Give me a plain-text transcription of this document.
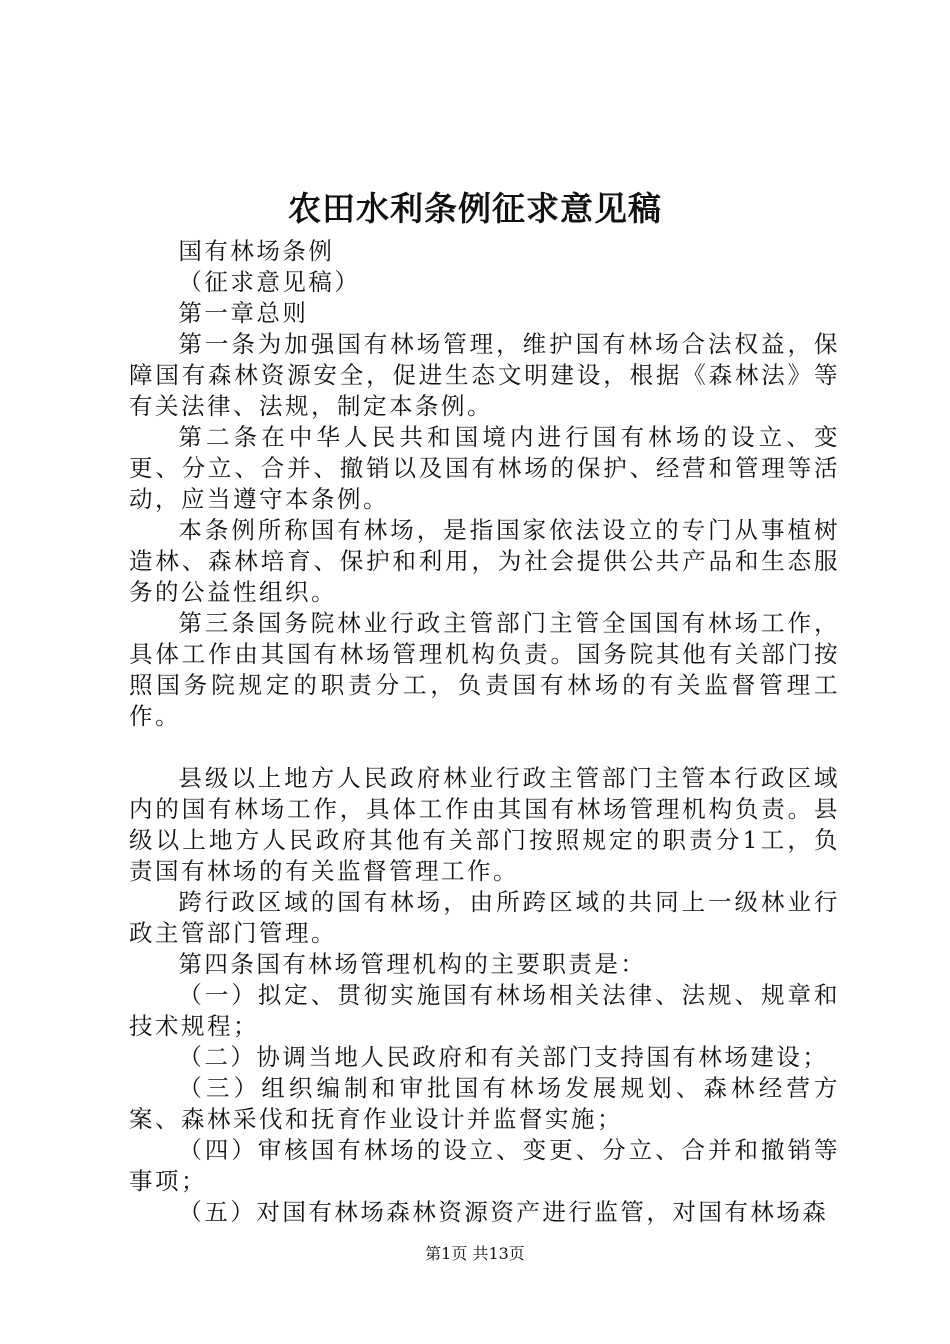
农田水利条例征求意见稿

国有林场条例

（征求意见稿）

第一章总则

第一条为加强国有林场管理，维护国有林场合法权益，保障国有森林资源安全，促进生态文明建设，根据《森林法》等有关法律、法规，制定本条例。

第二条在中华人民共和国境内进行国有林场的设立、变更、分立、合并、撤销以及国有林场的保护、经营和管理等活动，应当遵守本条例。

本条例所称国有林场，是指国家依法设立的专门从事植树造林、森林培育、保护和利用，为社会提供公共产品和生态服务的公益性组织。

第三条国务院林业行政主管部门主管全国国有林场工作，具体工作由其国有林场管理机构负责。国务院其他有关部门按照国务院规定的职责分工，负责国有林场的有关监督管理工作。

县级以上地方人民政府林业行政主管部门主管本行政区域内的国有林场工作，具体工作由其国有林场管理机构负责。县级以上地方人民政府其他有关部门按照规定的职责分1工，负责国有林场的有关监督管理工作。

跨行政区域的国有林场，由所跨区域的共同上一级林业行政主管部门管理。

第四条国有林场管理机构的主要职责是：

（一）拟定、贯彻实施国有林场相关法律、法规、规章和技术规程；

（二）协调当地人民政府和有关部门支持国有林场建设；

（三）组织编制和审批国有林场发展规划、森林经营方案、森林采伐和抚育作业设计并监督实施；

（四）审核国有林场的设立、变更、分立、合并和撤销等事项；

（五）对国有林场森林资源资产进行监管，对国有林场森

第1页 共13页
